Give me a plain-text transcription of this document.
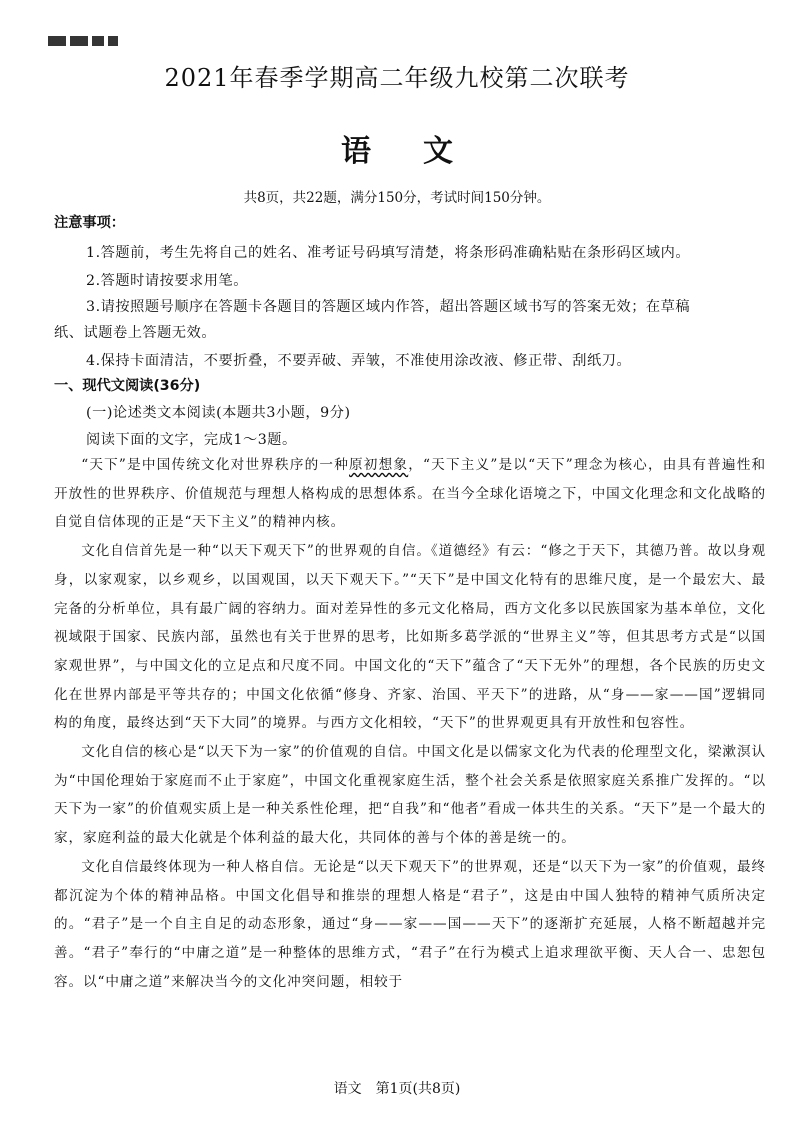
2021年春季学期高二年级九校第二次联考
语文
共8页，共22题，满分150分，考试时间150分钟。
注意事项：
1.答题前，考生先将自己的姓名、准考证号码填写清楚，将条形码准确粘贴在条形码区域内。
2.答题时请按要求用笔。
3.请按照题号顺序在答题卡各题目的答题区域内作答，超出答题区域书写的答案无效；在草稿
纸、试题卷上答题无效。
4.保持卡面清洁，不要折叠，不要弄破、弄皱，不准使用涂改液、修正带、刮纸刀。
一、现代文阅读(36分)
(一)论述类文本阅读(本题共3小题，9分)
阅读下面的文字，完成1～3题。

“天下”是中国传统文化对世界秩序的一种原初想象，“天下主义”是以“天下”理念为核心，由具有普遍性和开放性的世界秩序、价值规范与理想人格构成的思想体系。在当今全球化语境之下，中国文化理念和文化战略的自觉自信体现的正是“天下主义”的精神内核。

文化自信首先是一种“以天下观天下”的世界观的自信。《道德经》有云：“修之于天下，其德乃普。故以身观身，以家观家，以乡观乡，以国观国，以天下观天下。”“天下”是中国文化特有的思维尺度，是一个最宏大、最完备的分析单位，具有最广阔的容纳力。面对差异性的多元文化格局，西方文化多以民族国家为基本单位，文化视域限于国家、民族内部，虽然也有关于世界的思考，比如斯多葛学派的“世界主义”等，但其思考方式是“以国家观世界”，与中国文化的立足点和尺度不同。中国文化的“天下”蕴含了“天下无外”的理想，各个民族的历史文化在世界内部是平等共存的；中国文化依循“修身、齐家、治国、平天下”的进路，从“身——家——国”逻辑同构的角度，最终达到“天下大同”的境界。与西方文化相较，“天下”的世界观更具有开放性和包容性。

文化自信的核心是“以天下为一家”的价值观的自信。中国文化是以儒家文化为代表的伦理型文化，梁漱溟认为“中国伦理始于家庭而不止于家庭”，中国文化重视家庭生活，整个社会关系是依照家庭关系推广发挥的。“以天下为一家”的价值观实质上是一种关系性伦理，把“自我”和“他者”看成一体共生的关系。“天下”是一个最大的家，家庭利益的最大化就是个体利益的最大化，共同体的善与个体的善是统一的。

文化自信最终体现为一种人格自信。无论是“以天下观天下”的世界观，还是“以天下为一家”的价值观，最终都沉淀为个体的精神品格。中国文化倡导和推崇的理想人格是“君子”，这是由中国人独特的精神气质所决定的。“君子”是一个自主自足的动态形象，通过“身——家——国——天下”的逐渐扩充延展，人格不断超越并完善。“君子”奉行的“中庸之道”是一种整体的思维方式，“君子”在行为模式上追求理欲平衡、天人合一、忠恕包容。以“中庸之道”来解决当今的文化冲突问题，相较于

语文　第1页(共8页)
